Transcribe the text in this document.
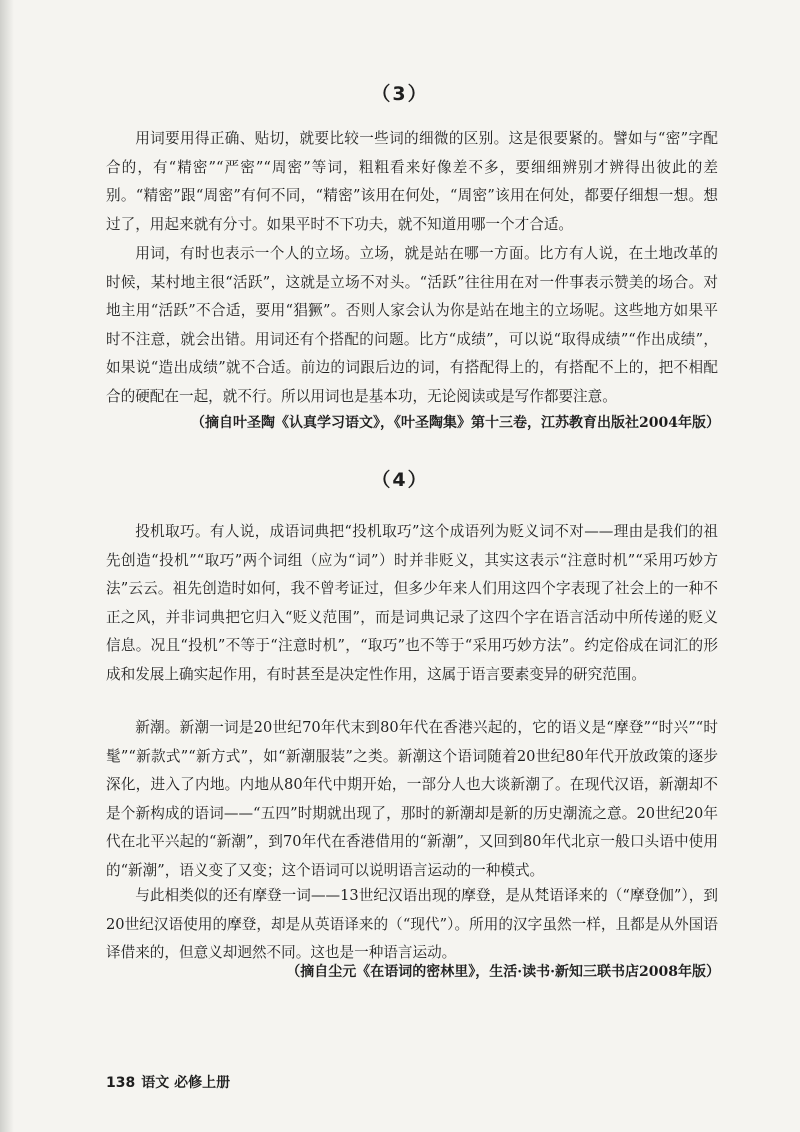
（3）

用词要用得正确、贴切，就要比较一些词的细微的区别。这是很要紧的。譬如与“密”字配合的，有“精密”“严密”“周密”等词，粗粗看来好像差不多，要细细辨别才辨得出彼此的差别。“精密”跟“周密”有何不同，“精密”该用在何处，“周密”该用在何处，都要仔细想一想。想过了，用起来就有分寸。如果平时不下功夫，就不知道用哪一个才合适。

用词，有时也表示一个人的立场。立场，就是站在哪一方面。比方有人说，在土地改革的时候，某村地主很“活跃”，这就是立场不对头。“活跃”往往用在对一件事表示赞美的场合。对地主用“活跃”不合适，要用“猖獗”。否则人家会认为你是站在地主的立场呢。这些地方如果平时不注意，就会出错。用词还有个搭配的问题。比方“成绩”，可以说“取得成绩”“作出成绩”，如果说“造出成绩”就不合适。前边的词跟后边的词，有搭配得上的，有搭配不上的，把不相配合的硬配在一起，就不行。所以用词也是基本功，无论阅读或是写作都要注意。

（摘自叶圣陶《认真学习语文》，《叶圣陶集》第十三卷，江苏教育出版社2004年版）

（4）

投机取巧。有人说，成语词典把“投机取巧”这个成语列为贬义词不对——理由是我们的祖先创造“投机”“取巧”两个词组（应为“词”）时并非贬义，其实这表示“注意时机”“采用巧妙方法”云云。祖先创造时如何，我不曾考证过，但多少年来人们用这四个字表现了社会上的一种不正之风，并非词典把它归入“贬义范围”，而是词典记录了这四个字在语言活动中所传递的贬义信息。况且“投机”不等于“注意时机”，“取巧”也不等于“采用巧妙方法”。约定俗成在词汇的形成和发展上确实起作用，有时甚至是决定性作用，这属于语言要素变异的研究范围。

新潮。新潮一词是20世纪70年代末到80年代在香港兴起的，它的语义是“摩登”“时兴”“时髦”“新款式”“新方式”，如“新潮服装”之类。新潮这个语词随着20世纪80年代开放政策的逐步深化，进入了内地。内地从80年代中期开始，一部分人也大谈新潮了。在现代汉语，新潮却不是个新构成的语词——“五四”时期就出现了，那时的新潮却是新的历史潮流之意。20世纪20年代在北平兴起的“新潮”，到70年代在香港借用的“新潮”，又回到80年代北京一般口头语中使用的“新潮”，语义变了又变；这个语词可以说明语言运动的一种模式。

与此相类似的还有摩登一词——13世纪汉语出现的摩登，是从梵语译来的（“摩登伽”），到20世纪汉语使用的摩登，却是从英语译来的（“现代”）。所用的汉字虽然一样，且都是从外国语译借来的，但意义却迥然不同。这也是一种语言运动。

（摘自尘元《在语词的密林里》，生活·读书·新知三联书店2008年版）

138 语文 必修上册
